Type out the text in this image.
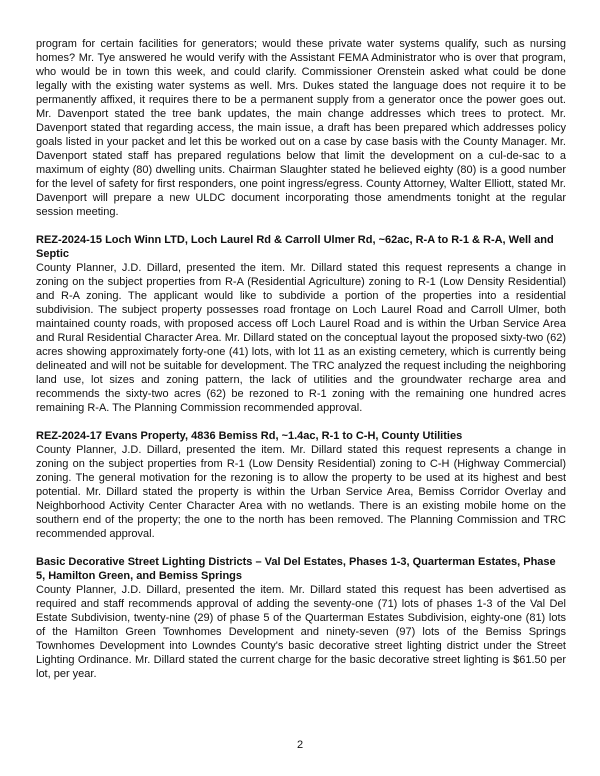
program for certain facilities for generators; would these private water systems qualify, such as nursing homes? Mr. Tye answered he would verify with the Assistant FEMA Administrator who is over that program, who would be in town this week, and could clarify. Commissioner Orenstein asked what could be done legally with the existing water systems as well. Mrs. Dukes stated the language does not require it to be permanently affixed, it requires there to be a permanent supply from a generator once the power goes out. Mr. Davenport stated the tree bank updates, the main change addresses which trees to protect. Mr. Davenport stated that regarding access, the main issue, a draft has been prepared which addresses policy goals listed in your packet and let this be worked out on a case by case basis with the County Manager. Mr. Davenport stated staff has prepared regulations below that limit the development on a cul-de-sac to a maximum of eighty (80) dwelling units. Chairman Slaughter stated he believed eighty (80) is a good number for the level of safety for first responders, one point ingress/egress. County Attorney, Walter Elliott, stated Mr. Davenport will prepare a new ULDC document incorporating those amendments tonight at the regular session meeting.

REZ-2024-15 Loch Winn LTD, Loch Laurel Rd & Carroll Ulmer Rd, ~62ac, R-A to R-1 & R-A, Well and Septic

County Planner, J.D. Dillard, presented the item. Mr. Dillard stated this request represents a change in zoning on the subject properties from R-A (Residential Agriculture) zoning to R-1 (Low Density Residential) and R-A zoning. The applicant would like to subdivide a portion of the properties into a residential subdivision. The subject property possesses road frontage on Loch Laurel Road and Carroll Ulmer, both maintained county roads, with proposed access off Loch Laurel Road and is within the Urban Service Area and Rural Residential Character Area. Mr. Dillard stated on the conceptual layout the proposed sixty-two (62) acres showing approximately forty-one (41) lots, with lot 11 as an existing cemetery, which is currently being delineated and will not be suitable for development. The TRC analyzed the request including the neighboring land use, lot sizes and zoning pattern, the lack of utilities and the groundwater recharge area and recommends the sixty-two acres (62) be rezoned to R-1 zoning with the remaining one hundred acres remaining R-A. The Planning Commission recommended approval.

REZ-2024-17 Evans Property, 4836 Bemiss Rd, ~1.4ac, R-1 to C-H, County Utilities

County Planner, J.D. Dillard, presented the item. Mr. Dillard stated this request represents a change in zoning on the subject properties from R-1 (Low Density Residential) zoning to C-H (Highway Commercial) zoning. The general motivation for the rezoning is to allow the property to be used at its highest and best potential. Mr. Dillard stated the property is within the Urban Service Area, Bemiss Corridor Overlay and Neighborhood Activity Center Character Area with no wetlands. There is an existing mobile home on the southern end of the property; the one to the north has been removed. The Planning Commission and TRC recommended approval.

Basic Decorative Street Lighting Districts – Val Del Estates, Phases 1-3, Quarterman Estates, Phase 5, Hamilton Green, and Bemiss Springs

County Planner, J.D. Dillard, presented the item. Mr. Dillard stated this request has been advertised as required and staff recommends approval of adding the seventy-one (71) lots of phases 1-3 of the Val Del Estate Subdivision, twenty-nine (29) of phase 5 of the Quarterman Estates Subdivision, eighty-one (81) lots of the Hamilton Green Townhomes Development and ninety-seven (97) lots of the Bemiss Springs Townhomes Development into Lowndes County's basic decorative street lighting district under the Street Lighting Ordinance. Mr. Dillard stated the current charge for the basic decorative street lighting is $61.50 per lot, per year.

2
